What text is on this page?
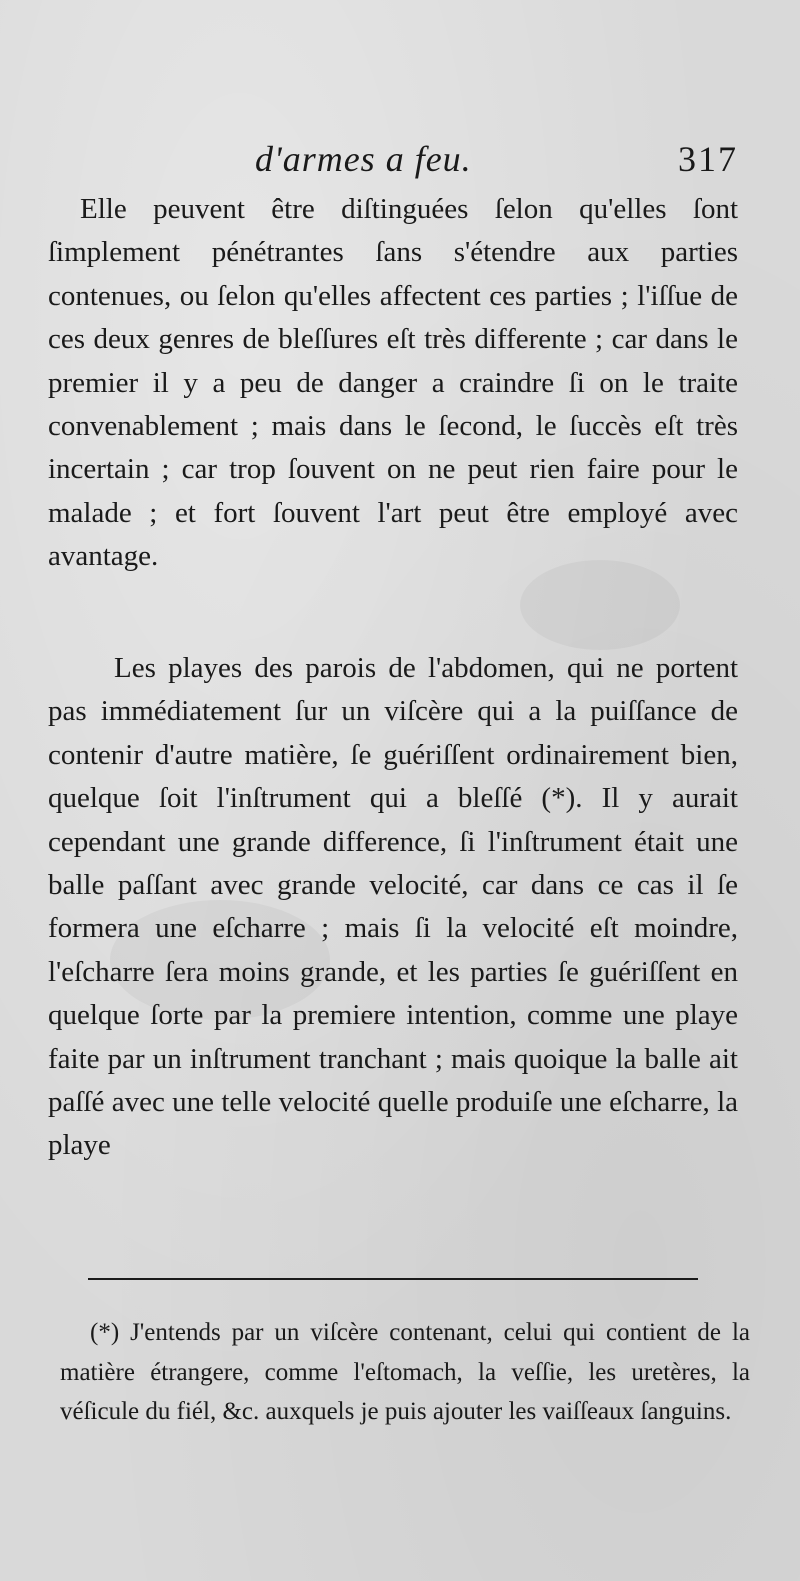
d'armes a feu.	317

Elle peuvent être diſtinguées ſelon qu'elles ſont ſimplement pénétrantes ſans s'étendre aux parties contenues, ou ſelon qu'elles affectent ces parties ; l'iſſue de ces deux genres de bleſſures eſt très differente ; car dans le premier il y a peu de danger a craindre ſi on le traite convenablement ; mais dans le ſecond, le ſuccès eſt très incertain ; car trop ſouvent on ne peut rien faire pour le malade ; et fort ſouvent l'art peut être employé avec avantage.

Les playes des parois de l'abdomen, qui ne portent pas immédiatement ſur un viſcère qui a la puiſſance de contenir d'autre matière, ſe guériſſent ordinairement bien, quelque ſoit l'inſtrument qui a bleſſé (*). Il y aurait cependant une grande difference, ſi l'inſtrument était une balle paſſant avec grande velocité, car dans ce cas il ſe formera une eſcharre ; mais ſi la velocité eſt moindre, l'eſcharre ſera moins grande, et les parties ſe guériſſent en quelque ſorte par la premiere intention, comme une playe faite par un inſtrument tranchant ; mais quoique la balle ait paſſé avec une telle velocité quelle produiſe une eſcharre, la playe

(*) J'entends par un viſcère contenant, celui qui contient de la matière étrangere, comme l'eſtomach, la veſſie, les uretères, la véſicule du fiél, &c. auxquels je puis ajouter les vaiſſeaux ſanguins.
